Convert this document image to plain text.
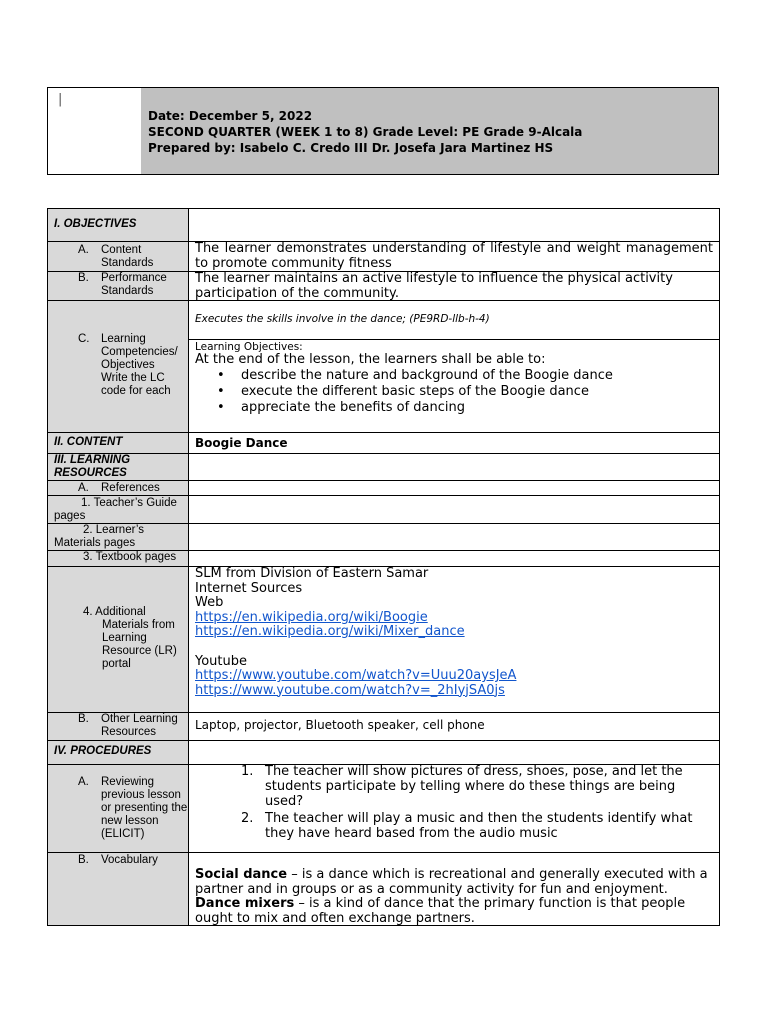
|
Date: December 5, 2022
SECOND QUARTER (WEEK 1 to 8) Grade Level: PE Grade 9-Alcala
Prepared by: Isabelo C. Credo III Dr. Josefa Jara Martinez HS
I. OBJECTIVES
A. Content
Standards
The learner demonstrates understanding of lifestyle and weight management
to promote community fitness
B. Performance
Standards
The learner maintains an active lifestyle to influence the physical activity
participation of the community.
C. Learning
Competencies/
Objectives
Write the LC
code for each
Executes the skills involve in the dance; (PE9RD-llb-h-4)
Learning Objectives:
At the end of the lesson, the learners shall be able to:
• describe the nature and background of the Boogie dance
• execute the different basic steps of the Boogie dance
• appreciate the benefits of dancing
II. CONTENT	Boogie Dance
III. LEARNING
RESOURCES
A. References
1. Teacher’s Guide
pages
2. Learner’s
Materials pages
3. Textbook pages
4. Additional
Materials from
Learning
Resource (LR)
portal
SLM from Division of Eastern Samar
Internet Sources
Web
https://en.wikipedia.org/wiki/Boogie
https://en.wikipedia.org/wiki/Mixer_dance
Youtube
https://www.youtube.com/watch?v=Uuu20aysJeA
https://www.youtube.com/watch?v=_2hIyjSA0js
B. Other Learning
Resources	Laptop, projector, Bluetooth speaker, cell phone
IV. PROCEDURES
A. Reviewing
previous lesson
or presenting the
new lesson
(ELICIT)
1. The teacher will show pictures of dress, shoes, pose, and let the
students participate by telling where do these things are being
used?
2. The teacher will play a music and then the students identify what
they have heard based from the audio music
B. Vocabulary
Social dance – is a dance which is recreational and generally executed with a
partner and in groups or as a community activity for fun and enjoyment.
Dance mixers – is a kind of dance that the primary function is that people
ought to mix and often exchange partners.
